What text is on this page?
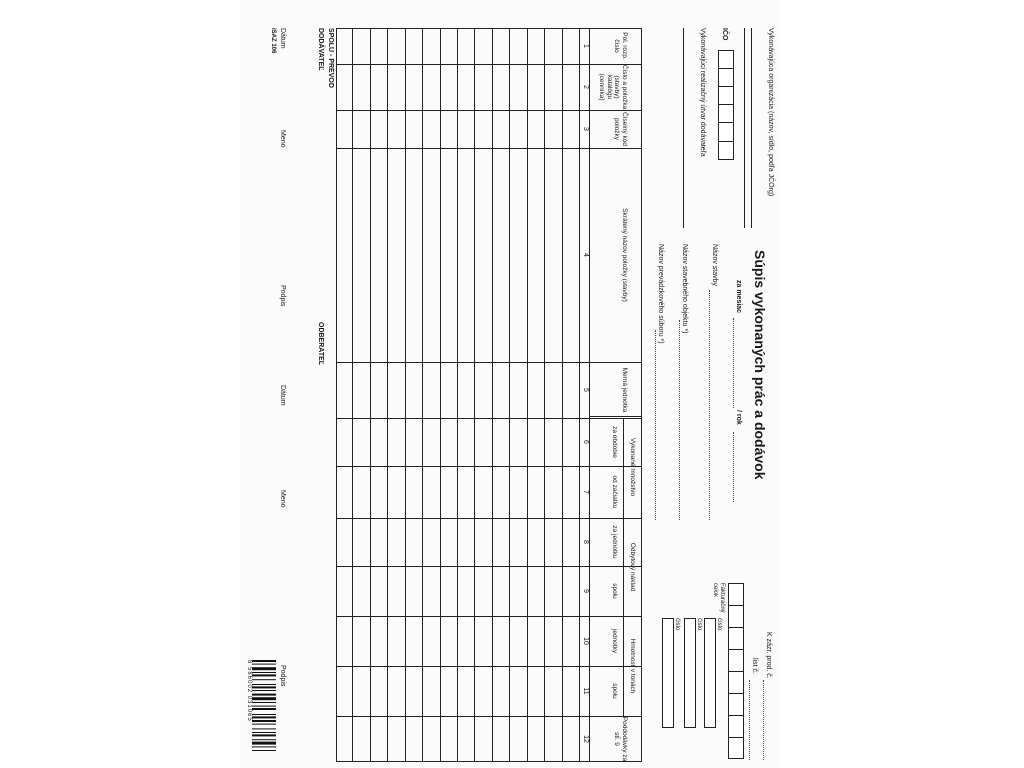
Vykonávajúca organizácia (názov, sídlo, podľa JČOrg)
IČO
Vykonávajúci realizačný útvar dodávateľa
Súpis vykonaných prác a dodávok
za mesiac
/ rok
Názov stavby
Názov stavebného objektu *)
Názov prevádzkového súboru *)
K zázr. prod. č.
list č.
Fakturačný celok
číslo
číslo
číslo
SPOLU - PREVOD
DODÁVATEĽ
ODBERATEĽ
Dátum
Meno
Podpis
Dátum
Meno
Podpis
iSAZ 106
8 586002 031065
Pol. rozp. číslo
1
Číslo a položka (stavby) katalógu (cenníka)
2
Číselný kód položky
3
Skrátený názov položky (stavby)
4
Merná jednotka
5
za obdobie
6
od začiatku
7
za jednotku
8
spolu
9
jednotky
10
spolu
11
Poddodávky za stĺ. 9
12
